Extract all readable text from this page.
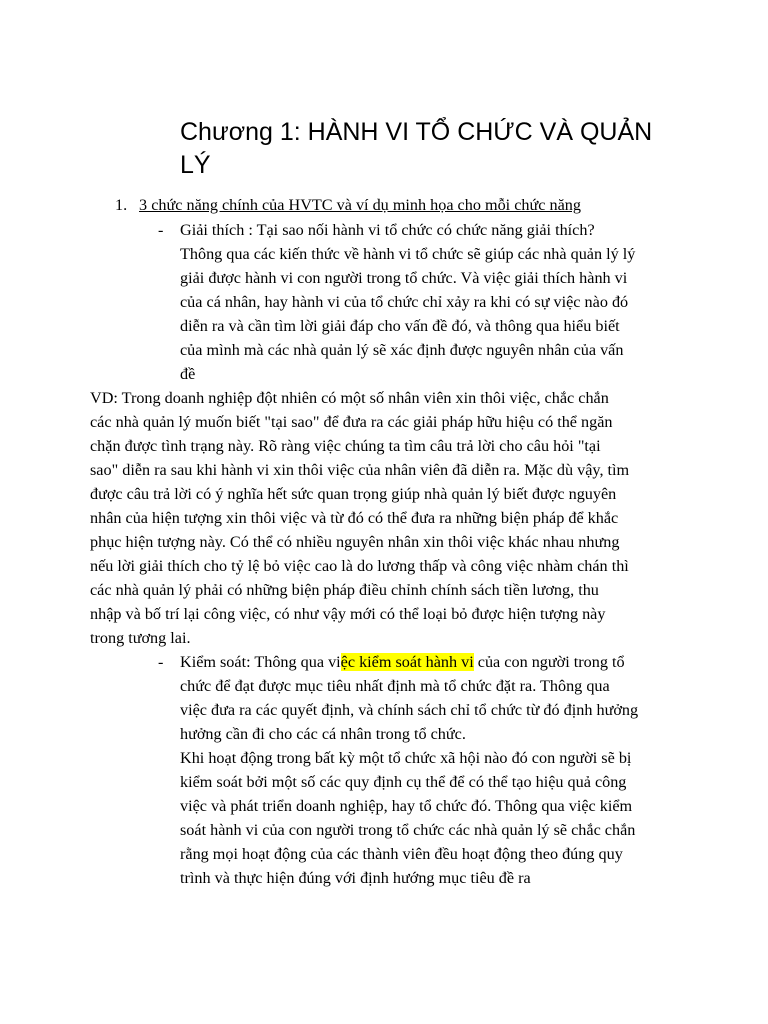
Chương 1: HÀNH VI TỔ CHỨC VÀ QUẢN
LÝ
1. 3 chức năng chính của HVTC và ví dụ minh họa cho mỗi chức năng
- Giải thích : Tại sao nối hành vi tổ chức có chức năng giải thích?
Thông qua các kiến thức về hành vi tổ chức sẽ giúp các nhà quản lý lý
giải được hành vi con người trong tổ chức. Và việc giải thích hành vi
của cá nhân, hay hành vi của tổ chức chỉ xảy ra khi có sự việc nào đó
diễn ra và cần tìm lời giải đáp cho vấn đề đó, và thông qua hiểu biết
của mình mà các nhà quản lý sẽ xác định được nguyên nhân của vấn
đề
VD: Trong doanh nghiệp đột nhiên có một số nhân viên xin thôi việc, chắc chắn
các nhà quản lý muốn biết "tại sao" để đưa ra các giải pháp hữu hiệu có thể ngăn
chặn được tình trạng này. Rõ ràng việc chúng ta tìm câu trả lời cho câu hỏi "tại
sao" diễn ra sau khi hành vi xin thôi việc của nhân viên đã diễn ra. Mặc dù vậy, tìm
được câu trả lời có ý nghĩa hết sức quan trọng giúp nhà quản lý biết được nguyên
nhân của hiện tượng xin thôi việc và từ đó có thể đưa ra những biện pháp để khắc
phục hiện tượng này. Có thể có nhiều nguyên nhân xin thôi việc khác nhau nhưng
nếu lời giải thích cho tỷ lệ bỏ việc cao là do lương thấp và công việc nhàm chán thì
các nhà quản lý phải có những biện pháp điều chỉnh chính sách tiền lương, thu
nhập và bố trí lại công việc, có như vậy mới có thể loại bỏ được hiện tượng này
trong tương lai.
- Kiểm soát: Thông qua việc kiểm soát hành vi của con người trong tổ
chức để đạt được mục tiêu nhất định mà tổ chức đặt ra. Thông qua
việc đưa ra các quyết định, và chính sách chỉ tổ chức từ đó định hưởng
hưởng cần đi cho các cá nhân trong tổ chức.
Khi hoạt động trong bất kỳ một tổ chức xã hội nào đó con người sẽ bị
kiểm soát bởi một số các quy định cụ thể để có thể tạo hiệu quả công
việc và phát triển doanh nghiệp, hay tổ chức đó. Thông qua việc kiểm
soát hành vi của con người trong tổ chức các nhà quản lý sẽ chắc chắn
rằng mọi hoạt động của các thành viên đều hoạt động theo đúng quy
trình và thực hiện đúng với định hướng mục tiêu đề ra
